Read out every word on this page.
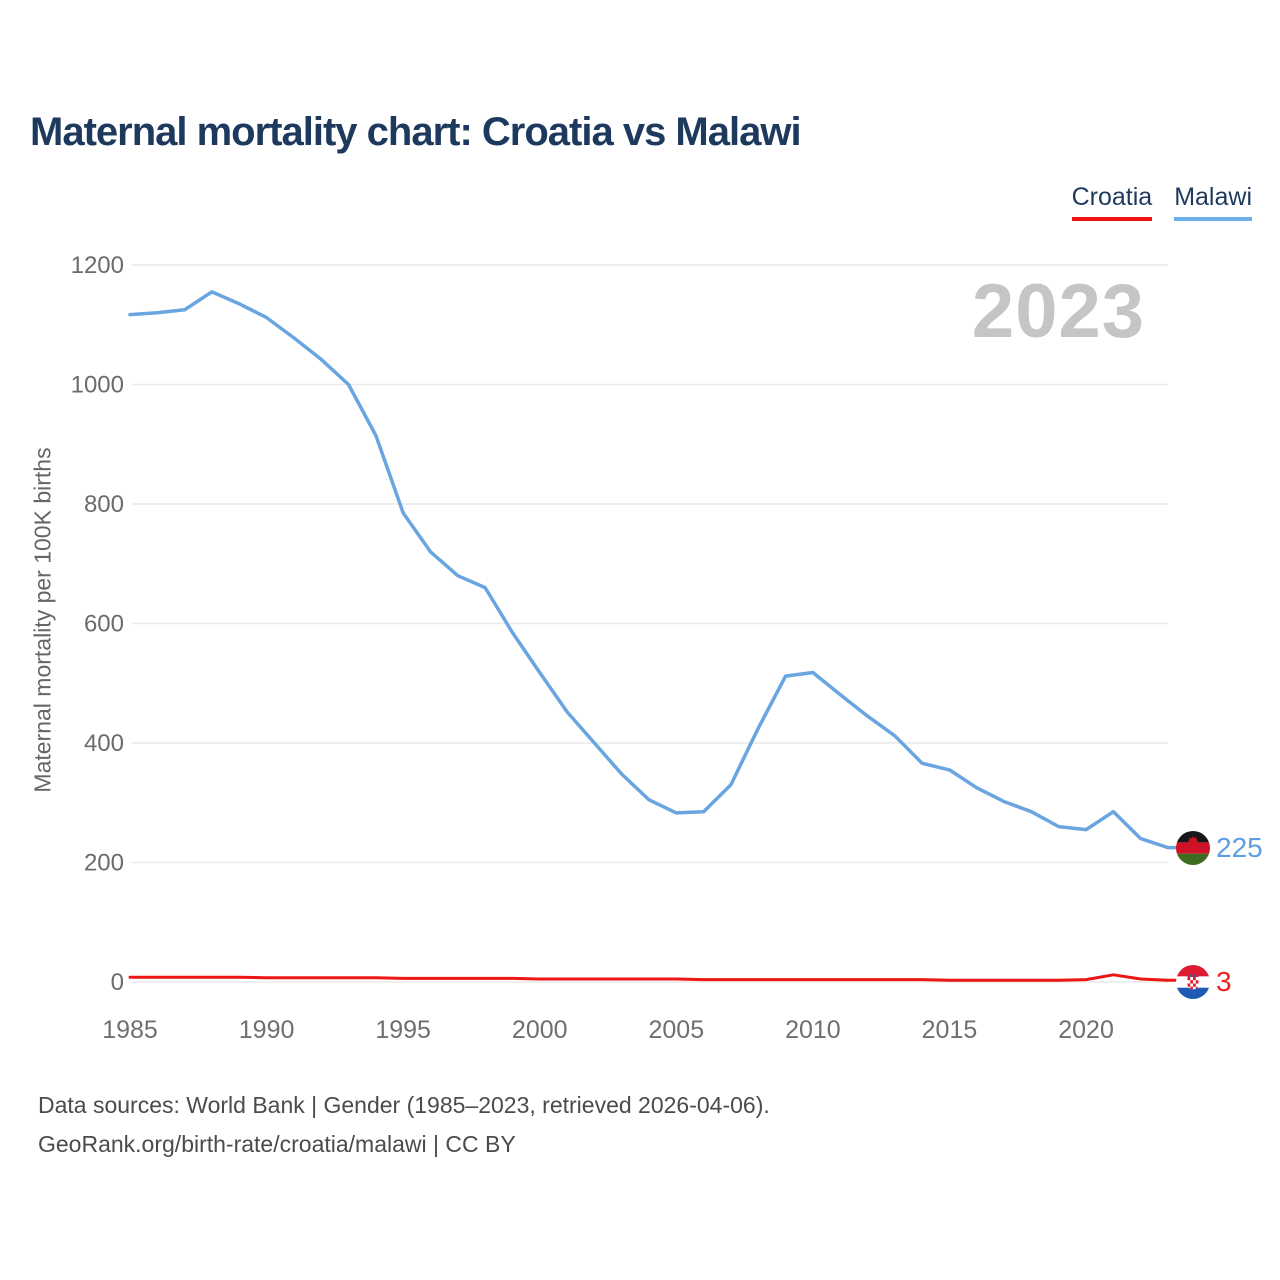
Maternal mortality chart: Croatia vs Malawi
Croatia Malawi
2023
Maternal mortality per 100K births
0
200
400
600
800
1000
1200
1985	1990	1995	2000	2005	2010	2015	2020
225
3
Data sources: World Bank | Gender (1985–2023, retrieved 2026-04-06).
GeoRank.org/birth-rate/croatia/malawi | CC BY
